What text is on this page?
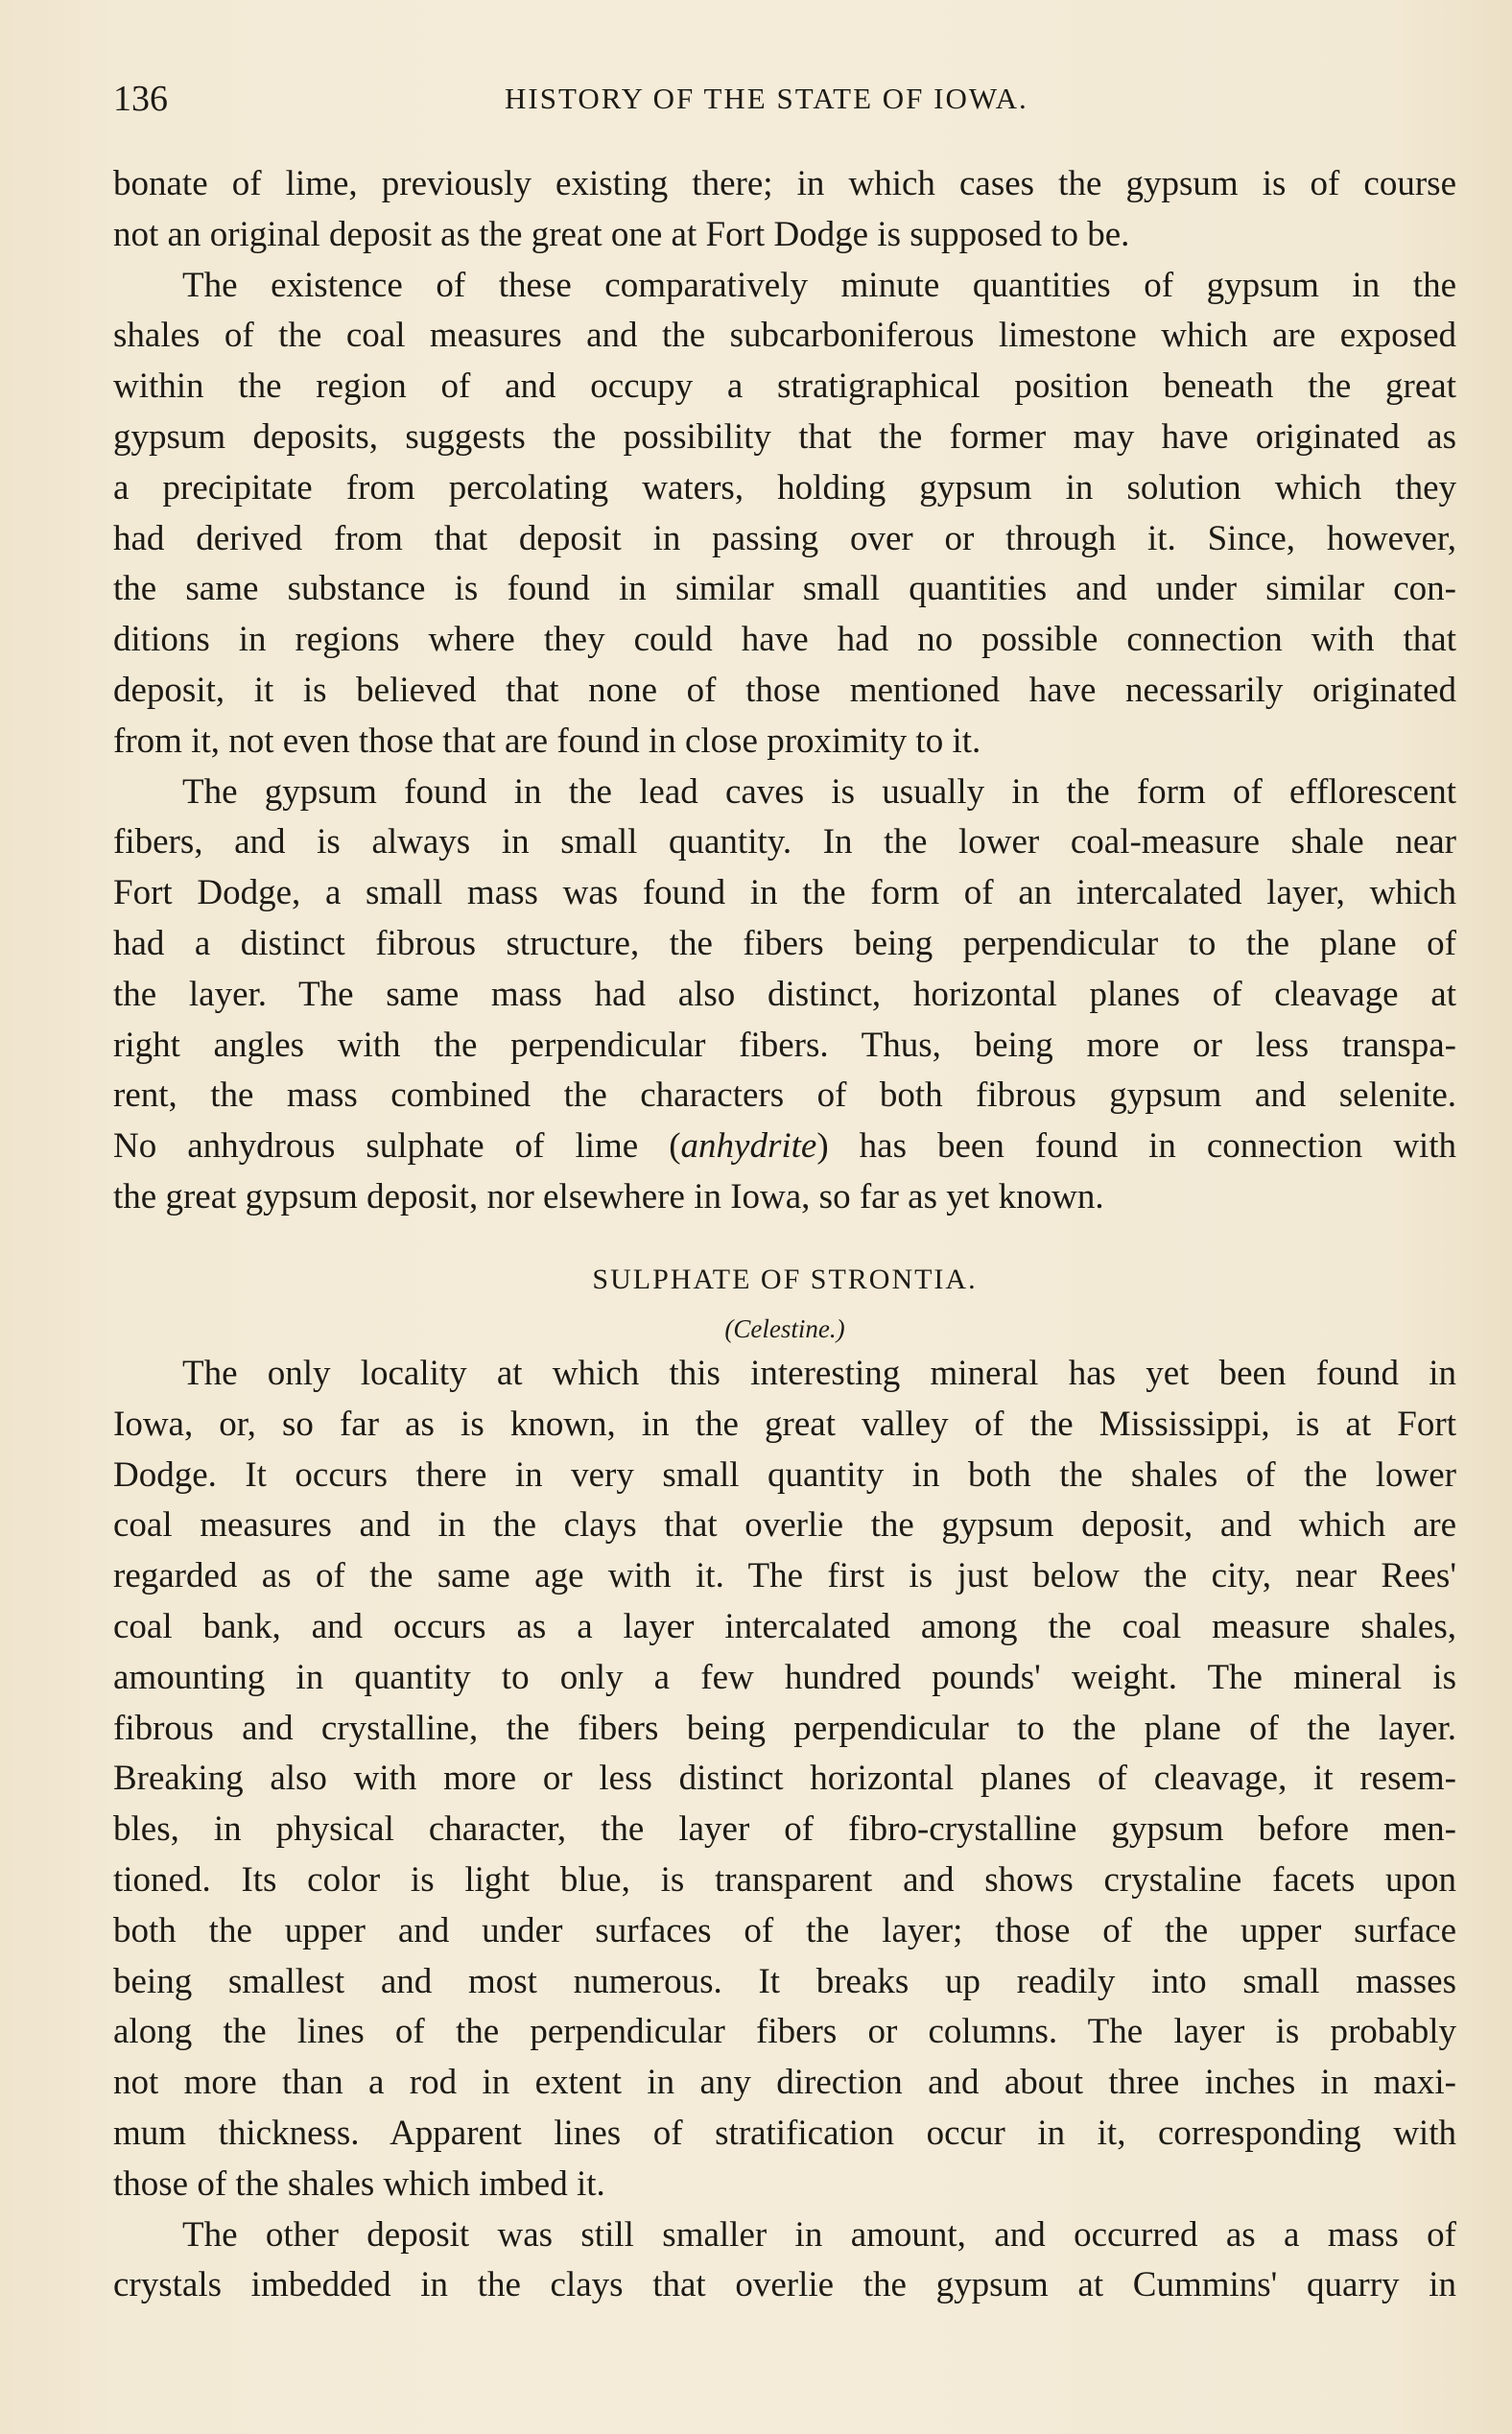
136	HISTORY OF THE STATE OF IOWA.
bonate of lime, previously existing there; in which cases the gypsum is of course
not an original deposit as the great one at Fort Dodge is supposed to be.
The existence of these comparatively minute quantities of gypsum in the
shales of the coal measures and the subcarboniferous limestone which are exposed
within the region of and occupy a stratigraphical position beneath the great
gypsum deposits, suggests the possibility that the former may have originated as
a precipitate from percolating waters, holding gypsum in solution which they
had derived from that deposit in passing over or through it. Since, however,
the same substance is found in similar small quantities and under similar con-
ditions in regions where they could have had no possible connection with that
deposit, it is believed that none of those mentioned have necessarily originated
from it, not even those that are found in close proximity to it.
The gypsum found in the lead caves is usually in the form of efflorescent
fibers, and is always in small quantity. In the lower coal-measure shale near
Fort Dodge, a small mass was found in the form of an intercalated layer, which
had a distinct fibrous structure, the fibers being perpendicular to the plane of
the layer. The same mass had also distinct, horizontal planes of cleavage at
right angles with the perpendicular fibers. Thus, being more or less transpa-
rent, the mass combined the characters of both fibrous gypsum and selenite.
No anhydrous sulphate of lime (anhydrite) has been found in connection with
the great gypsum deposit, nor elsewhere in Iowa, so far as yet known.
SULPHATE OF STRONTIA.
(Celestine.)
The only locality at which this interesting mineral has yet been found in
Iowa, or, so far as is known, in the great valley of the Mississippi, is at Fort
Dodge. It occurs there in very small quantity in both the shales of the lower
coal measures and in the clays that overlie the gypsum deposit, and which are
regarded as of the same age with it. The first is just below the city, near Rees'
coal bank, and occurs as a layer intercalated among the coal measure shales,
amounting in quantity to only a few hundred pounds' weight. The mineral is
fibrous and crystalline, the fibers being perpendicular to the plane of the layer.
Breaking also with more or less distinct horizontal planes of cleavage, it resem-
bles, in physical character, the layer of fibro-crystalline gypsum before men-
tioned. Its color is light blue, is transparent and shows crystaline facets upon
both the upper and under surfaces of the layer; those of the upper surface
being smallest and most numerous. It breaks up readily into small masses
along the lines of the perpendicular fibers or columns. The layer is probably
not more than a rod in extent in any direction and about three inches in maxi-
mum thickness. Apparent lines of stratification occur in it, corresponding with
those of the shales which imbed it.
The other deposit was still smaller in amount, and occurred as a mass of
crystals imbedded in the clays that overlie the gypsum at Cummins' quarry in
